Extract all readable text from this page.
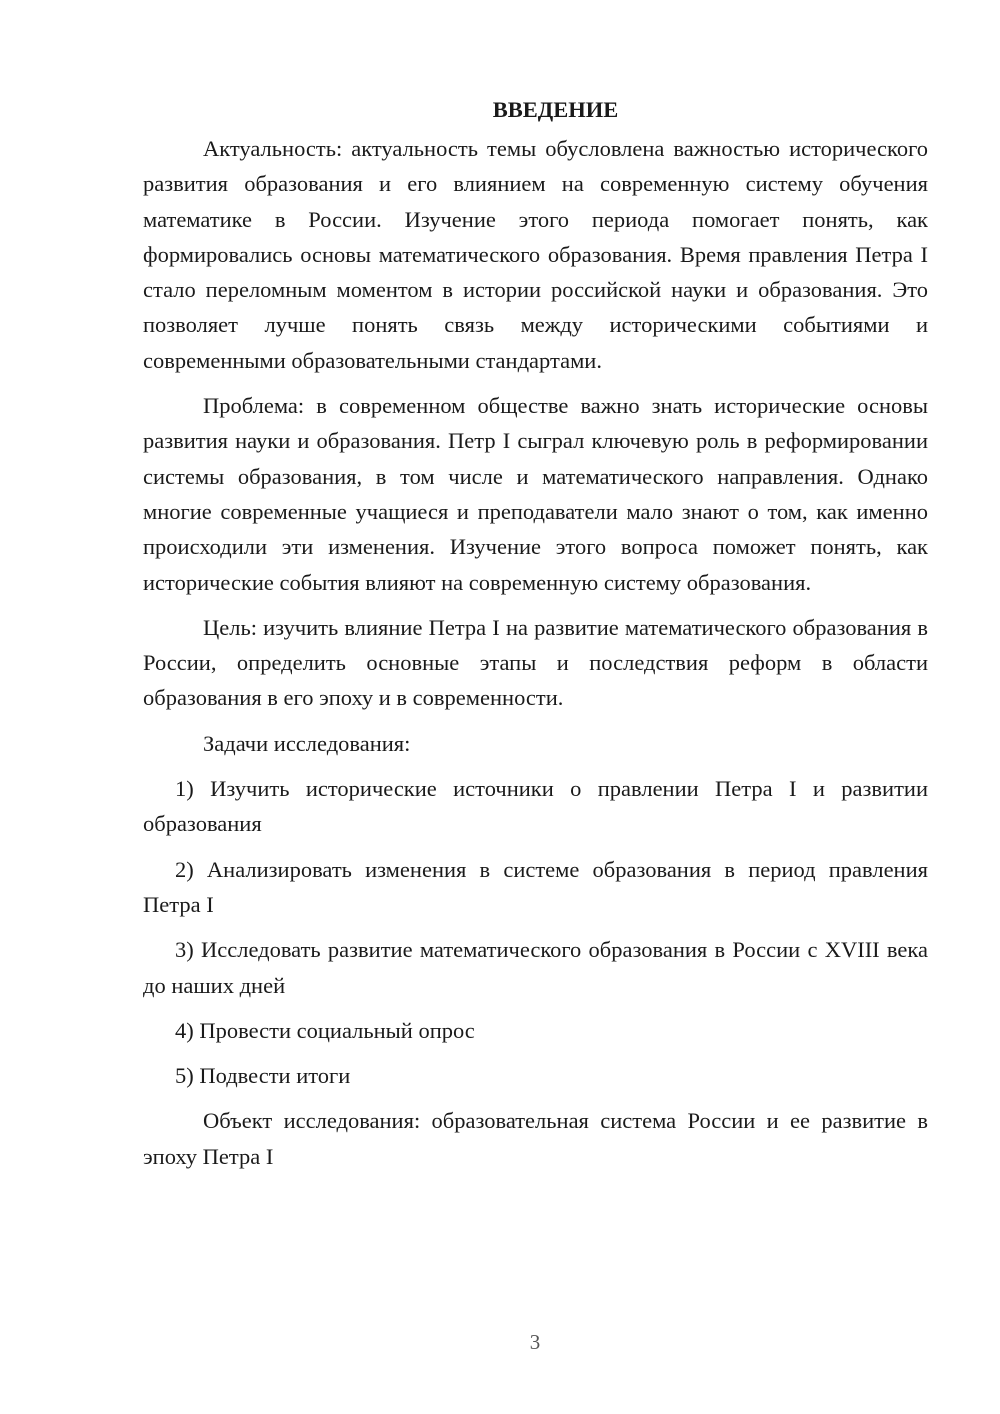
ВВЕДЕНИЕ

Актуальность: актуальность темы обусловлена важностью исторического развития образования и его влиянием на современную систему обучения математике в России. Изучение этого периода помогает понять, как формировались основы математического образования. Время правления Петра I стало переломным моментом в истории российской науки и образования. Это позволяет лучше понять связь между историческими событиями и современными образовательными стандартами.

Проблема: в современном обществе важно знать исторические основы развития науки и образования. Петр I сыграл ключевую роль в реформировании системы образования, в том числе и математического направления. Однако многие современные учащиеся и преподаватели мало знают о том, как именно происходили эти изменения. Изучение этого вопроса поможет понять, как исторические события влияют на современную систему образования.

Цель: изучить влияние Петра I на развитие математического образования в России, определить основные этапы и последствия реформ в области образования в его эпоху и в современности.

Задачи исследования:

1) Изучить исторические источники о правлении Петра I и развитии образования

2) Анализировать изменения в системе образования в период правления Петра I

3) Исследовать развитие математического образования в России с XVIII века до наших дней

4) Провести социальный опрос

5) Подвести итоги

Объект исследования: образовательная система России и ее развитие в эпоху Петра I

3
